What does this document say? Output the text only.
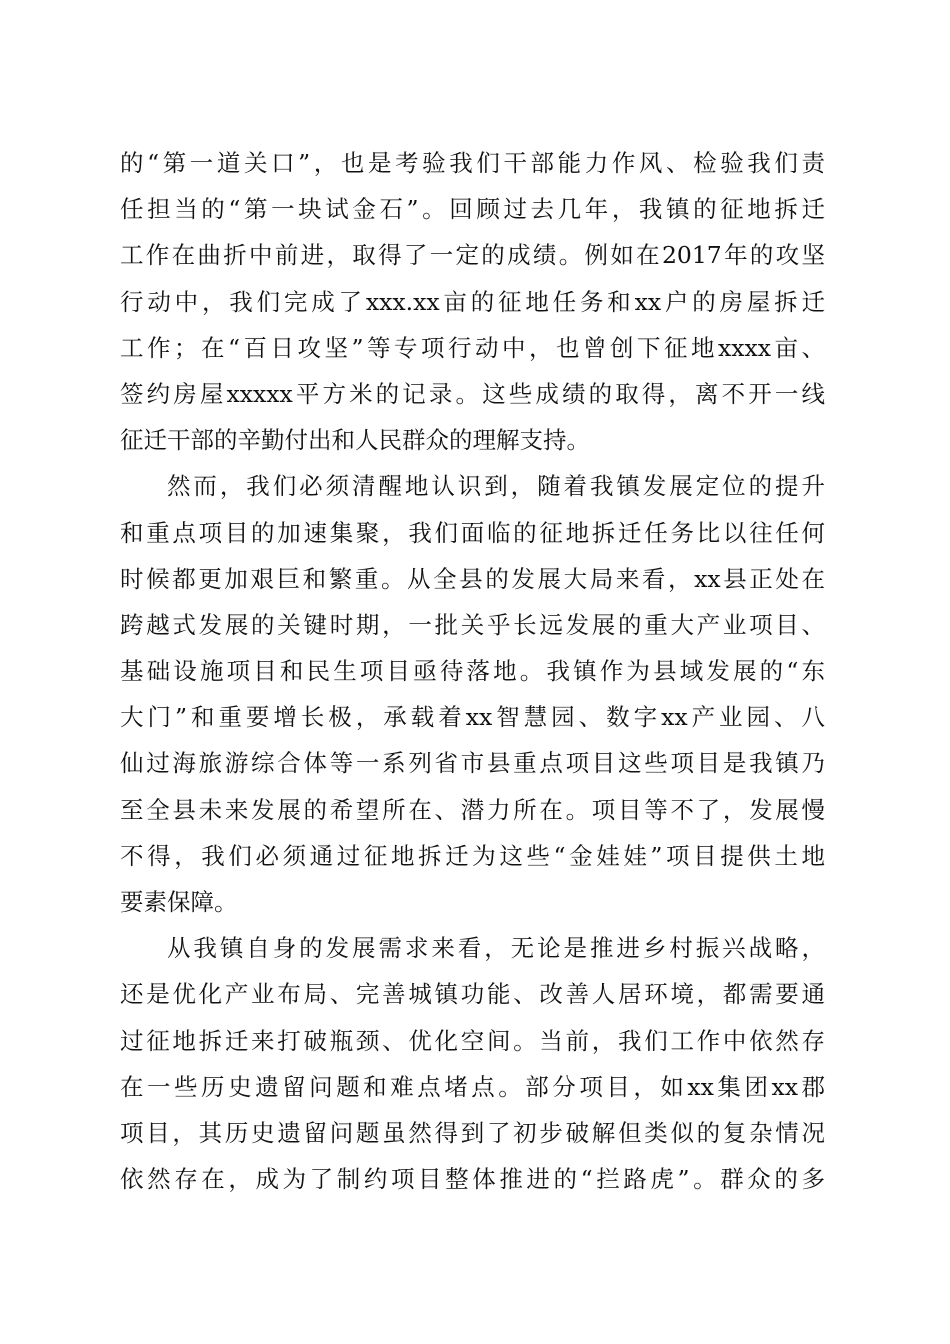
的“第一道关口”，也是考验我们干部能力作风、检验我们责
任担当的“第一块试金石”。回顾过去几年，我镇的征地拆迁
工作在曲折中前进，取得了一定的成绩。例如在2017年的攻坚
行动中，我们完成了xxx.xx亩的征地任务和xx户的房屋拆迁
工作；在“百日攻坚”等专项行动中，也曾创下征地xxxx亩、
签约房屋xxxxx平方米的记录。这些成绩的取得，离不开一线
征迁干部的辛勤付出和人民群众的理解支持。
然而，我们必须清醒地认识到，随着我镇发展定位的提升
和重点项目的加速集聚，我们面临的征地拆迁任务比以往任何
时候都更加艰巨和繁重。从全县的发展大局来看，xx县正处在
跨越式发展的关键时期，一批关乎长远发展的重大产业项目、
基础设施项目和民生项目亟待落地。我镇作为县域发展的“东
大门”和重要增长极，承载着xx智慧园、数字xx产业园、八
仙过海旅游综合体等一系列省市县重点项目这些项目是我镇乃
至全县未来发展的希望所在、潜力所在。项目等不了，发展慢
不得，我们必须通过征地拆迁为这些“金娃娃”项目提供土地
要素保障。
从我镇自身的发展需求来看，无论是推进乡村振兴战略，
还是优化产业布局、完善城镇功能、改善人居环境，都需要通
过征地拆迁来打破瓶颈、优化空间。当前，我们工作中依然存
在一些历史遗留问题和难点堵点。部分项目，如xx集团xx郡
项目，其历史遗留问题虽然得到了初步破解但类似的复杂情况
依然存在，成为了制约项目整体推进的“拦路虎”。群众的多
